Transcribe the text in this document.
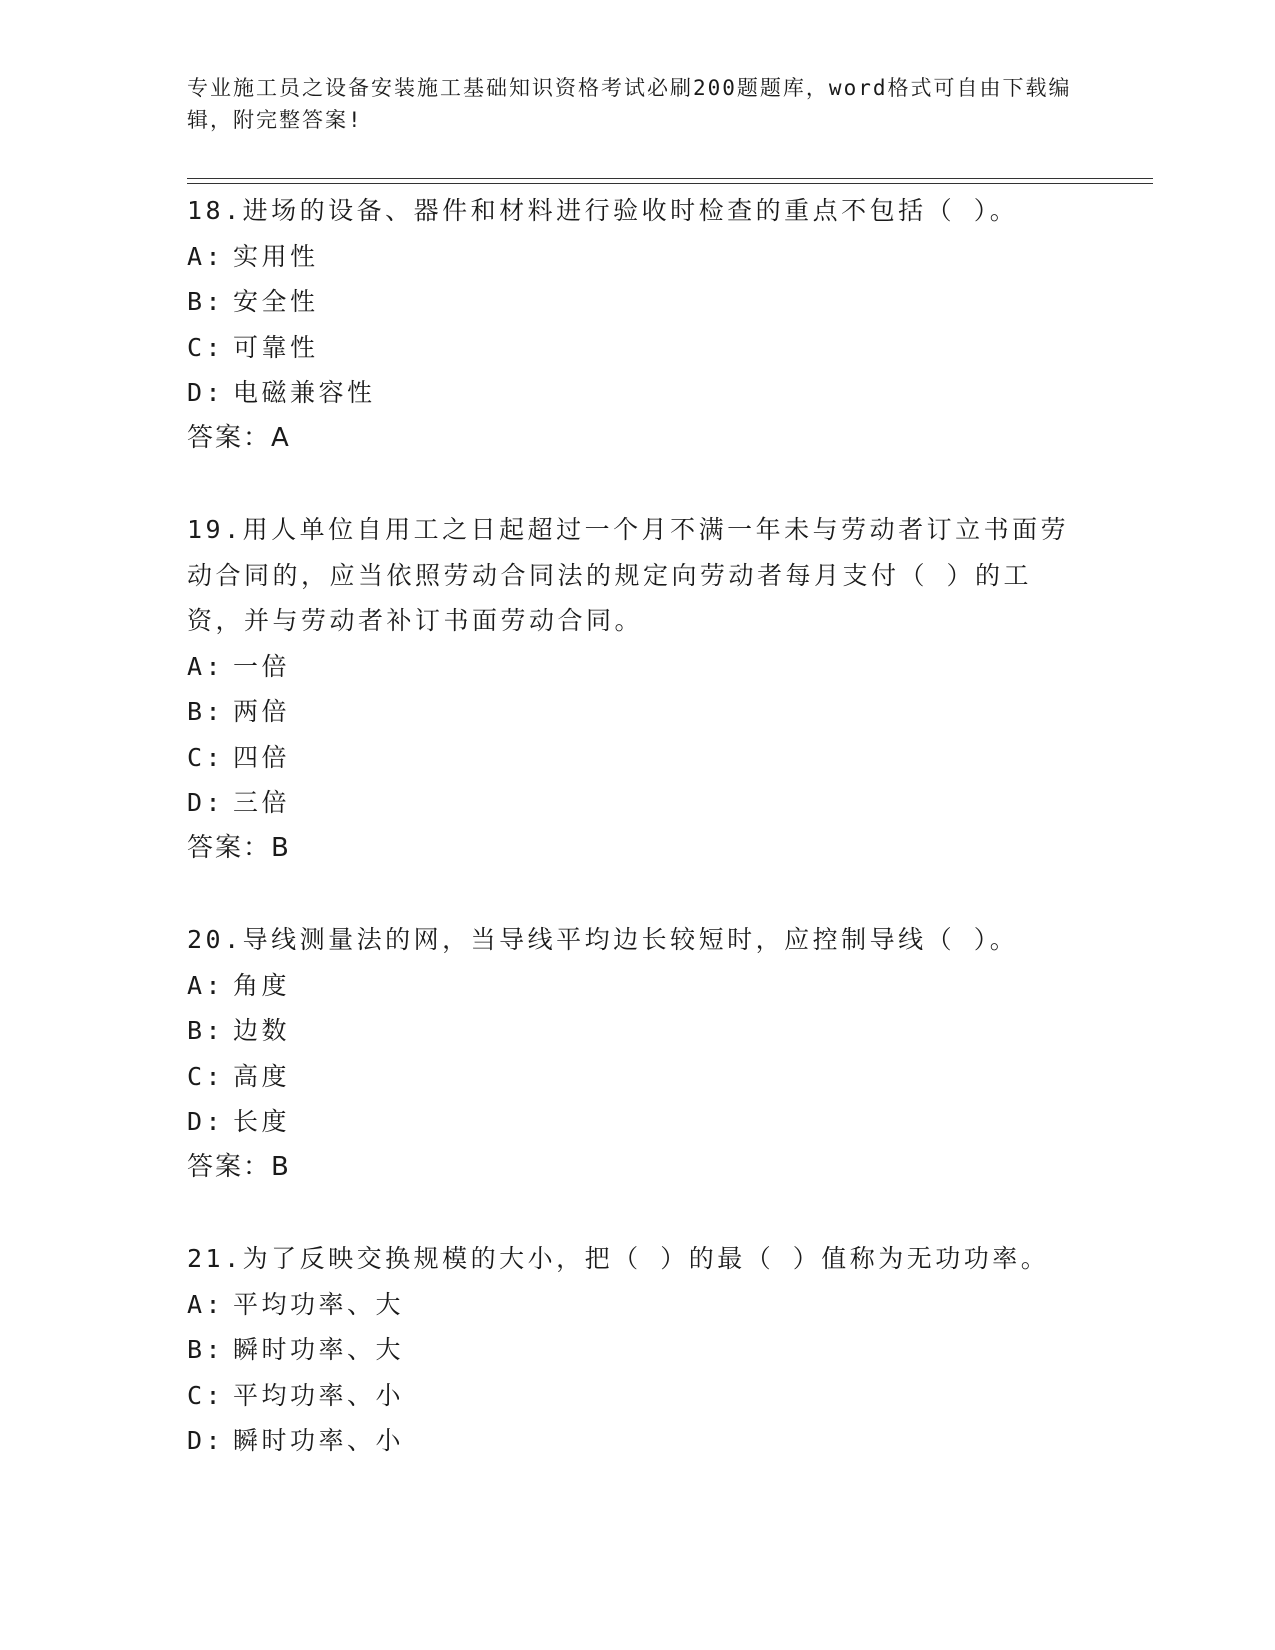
专业施工员之设备安装施工基础知识资格考试必刷200题题库，word格式可自由下载编辑，附完整答案!

18.进场的设备、器件和材料进行验收时检查的重点不包括（ ）。

A: 实用性

B: 安全性

C: 可靠性

D: 电磁兼容性

答案：A

19.用人单位自用工之日起超过一个月不满一年未与劳动者订立书面劳动合同的，应当依照劳动合同法的规定向劳动者每月支付（ ）的工资，并与劳动者补订书面劳动合同。

A: 一倍

B: 两倍

C: 四倍

D: 三倍

答案：B

20.导线测量法的网，当导线平均边长较短时，应控制导线（ ）。

A: 角度

B: 边数

C: 高度

D: 长度

答案：B

21.为了反映交换规模的大小，把（ ）的最（ ）值称为无功功率。

A: 平均功率、大

B: 瞬时功率、大

C: 平均功率、小

D: 瞬时功率、小
